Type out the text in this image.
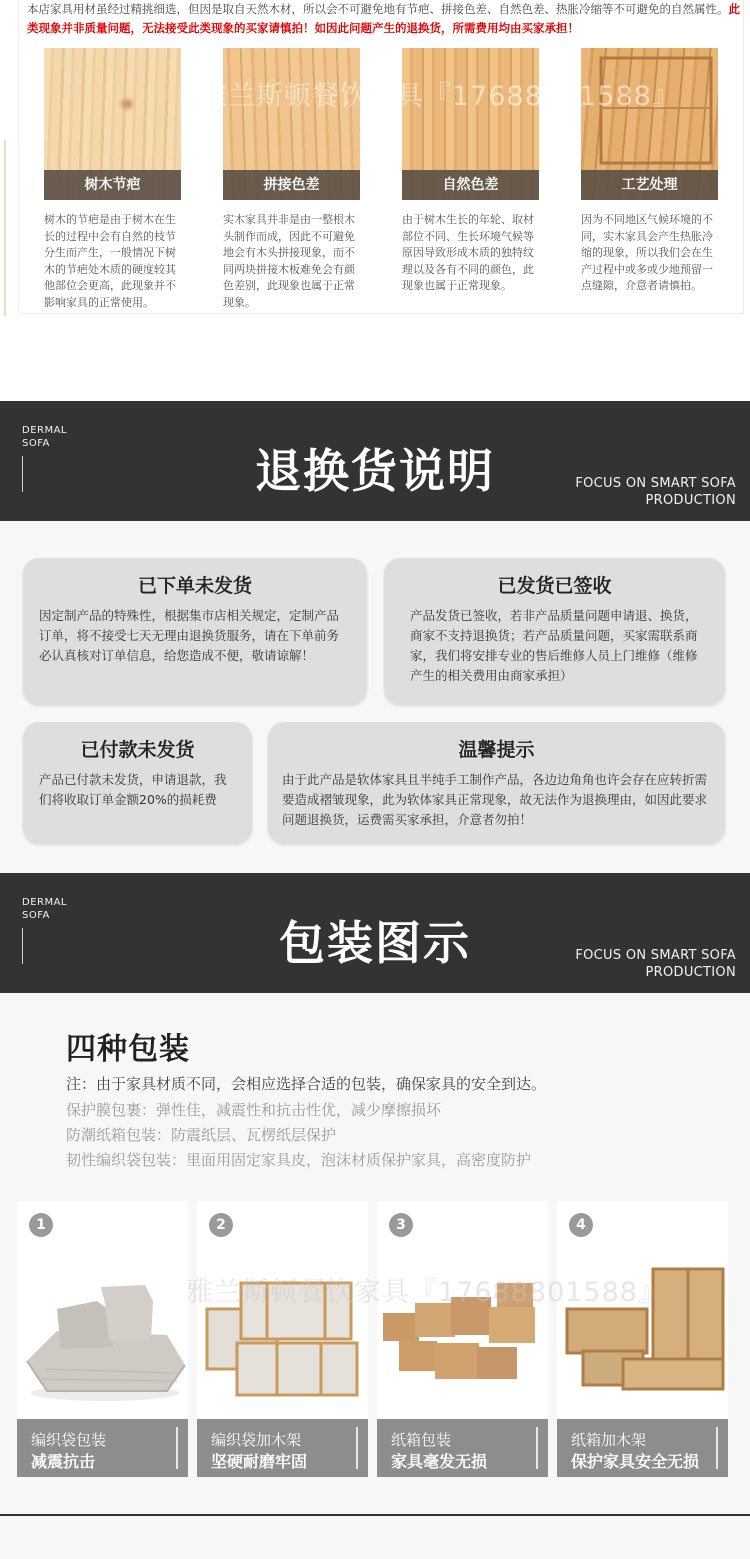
本店家具用材虽经过精挑细选，但因是取自天然木材，所以会不可避免地有节疤、拼接色差、自然色差、热胀冷缩等不可避免的自然属性。此类现象并非质量问题，无法接受此类现象的买家请慎拍！如因此问题产生的退换货，所需费用均由买家承担！
树木节疤
树木的节疤是由于树木在生长的过程中会有自然的枝节分生而产生，一般情况下树木的节疤处木质的硬度较其他部位会更高，此现象并不影响家具的正常使用。
拼接色差
实木家具并非是由一整根木头制作而成，因此不可避免地会有木头拼接现象，而不同两块拼接木板难免会有颜色差别，此现象也属于正常现象。
自然色差
由于树木生长的年轮、取材部位不同、生长环境气候等原因导致形成木质的独特纹理以及各有不同的颜色，此现象也属于正常现象。
工艺处理
因为不同地区气候环境的不同，实木家具会产生热胀冷缩的现象，所以我们会在生产过程中或多或少地预留一点缝隙，介意者请慎拍。
雅兰斯顿餐饮家具『17688801588』
DERMAL
SOFA
退换货说明	FOCUS ON SMART SOFA
PRODUCTION
已下单未发货

因定制产品的特殊性，根据集市店相关规定，定制产品订单，将不接受七天无理由退换货服务，请在下单前务必认真核对订单信息，给您造成不便，敬请谅解！

已发货已签收

产品发货已签收，若非产品质量问题申请退、换货，商家不支持退换货；若产品质量问题，买家需联系商家，我们将安排专业的售后维修人员上门维修（维修产生的相关费用由商家承担）

已付款未发货

产品已付款未发货，申请退款，我们将收取订单金额20%的损耗费

温馨提示

由于此产品是软体家具且半纯手工制作产品，各边边角角也许会存在应转折需要造成褶皱现象，此为软体家具正常现象，故无法作为退换理由，如因此要求问题退换货，运费需买家承担，介意者勿拍！

DERMAL
SOFA
包装图示	FOCUS ON SMART SOFA
PRODUCTION
四种包装
注：由于家具材质不同，会相应选择合适的包装，确保家具的安全到达。
保护膜包裹：弹性佳，减震性和抗击性优，减少摩擦损坏
防潮纸箱包装：防震纸层、瓦楞纸层保护
韧性编织袋包装：里面用固定家具皮，泡沫材质保护家具，高密度防护
1
编织袋包装
减震抗击
2
编织袋加木架
坚硬耐磨牢固
3
纸箱包装
家具毫发无损
4
纸箱加木架
保护家具安全无损
雅兰斯顿餐饮家具『17688801588』
